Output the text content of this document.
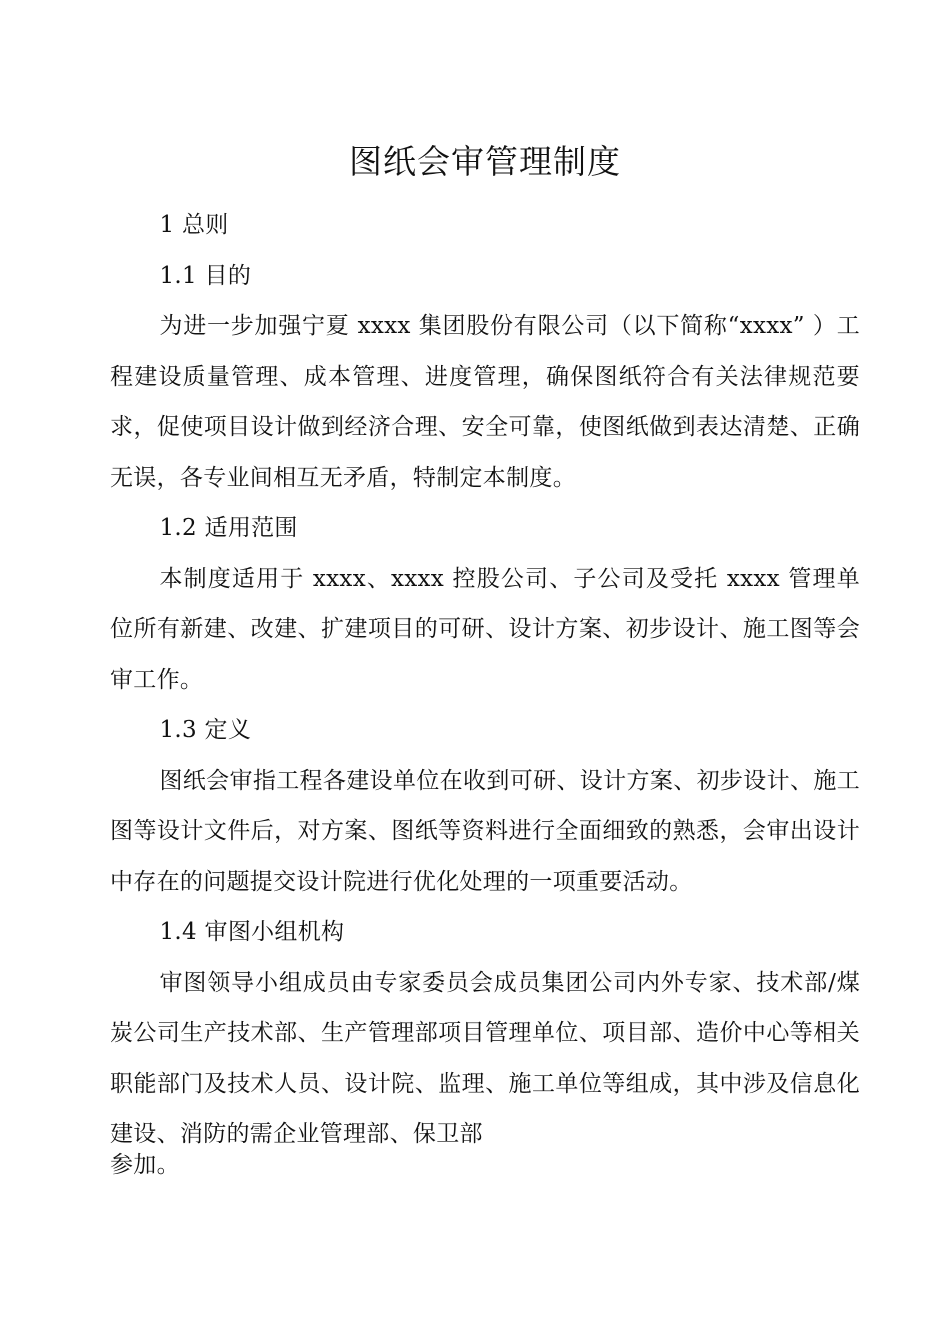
图纸会审管理制度

1 总则

1.1 目的

为进一步加强宁夏 xxxx 集团股份有限公司（以下简称“xxxx” ）工程建设质量管理、成本管理、进度管理，确保图纸符合有关法律规范要求，促使项目设计做到经济合理、安全可靠，使图纸做到表达清楚、正确无误，各专业间相互无矛盾，特制定本制度。

1.2 适用范围

本制度适用于 xxxx、xxxx 控股公司、子公司及受托 xxxx 管理单位所有新建、改建、扩建项目的可研、设计方案、初步设计、施工图等会审工作。

1.3 定义

图纸会审指工程各建设单位在收到可研、设计方案、初步设计、施工图等设计文件后，对方案、图纸等资料进行全面细致的熟悉，会审出设计中存在的问题提交设计院进行优化处理的一项重要活动。

1.4 审图小组机构

审图领导小组成员由专家委员会成员集团公司内外专家、技术部/煤炭公司生产技术部、生产管理部项目管理单位、项目部、造价中心等相关职能部门及技术人员、设计院、监理、施工单位等组成，其中涉及信息化建设、消防的需企业管理部、保卫部

参加。
